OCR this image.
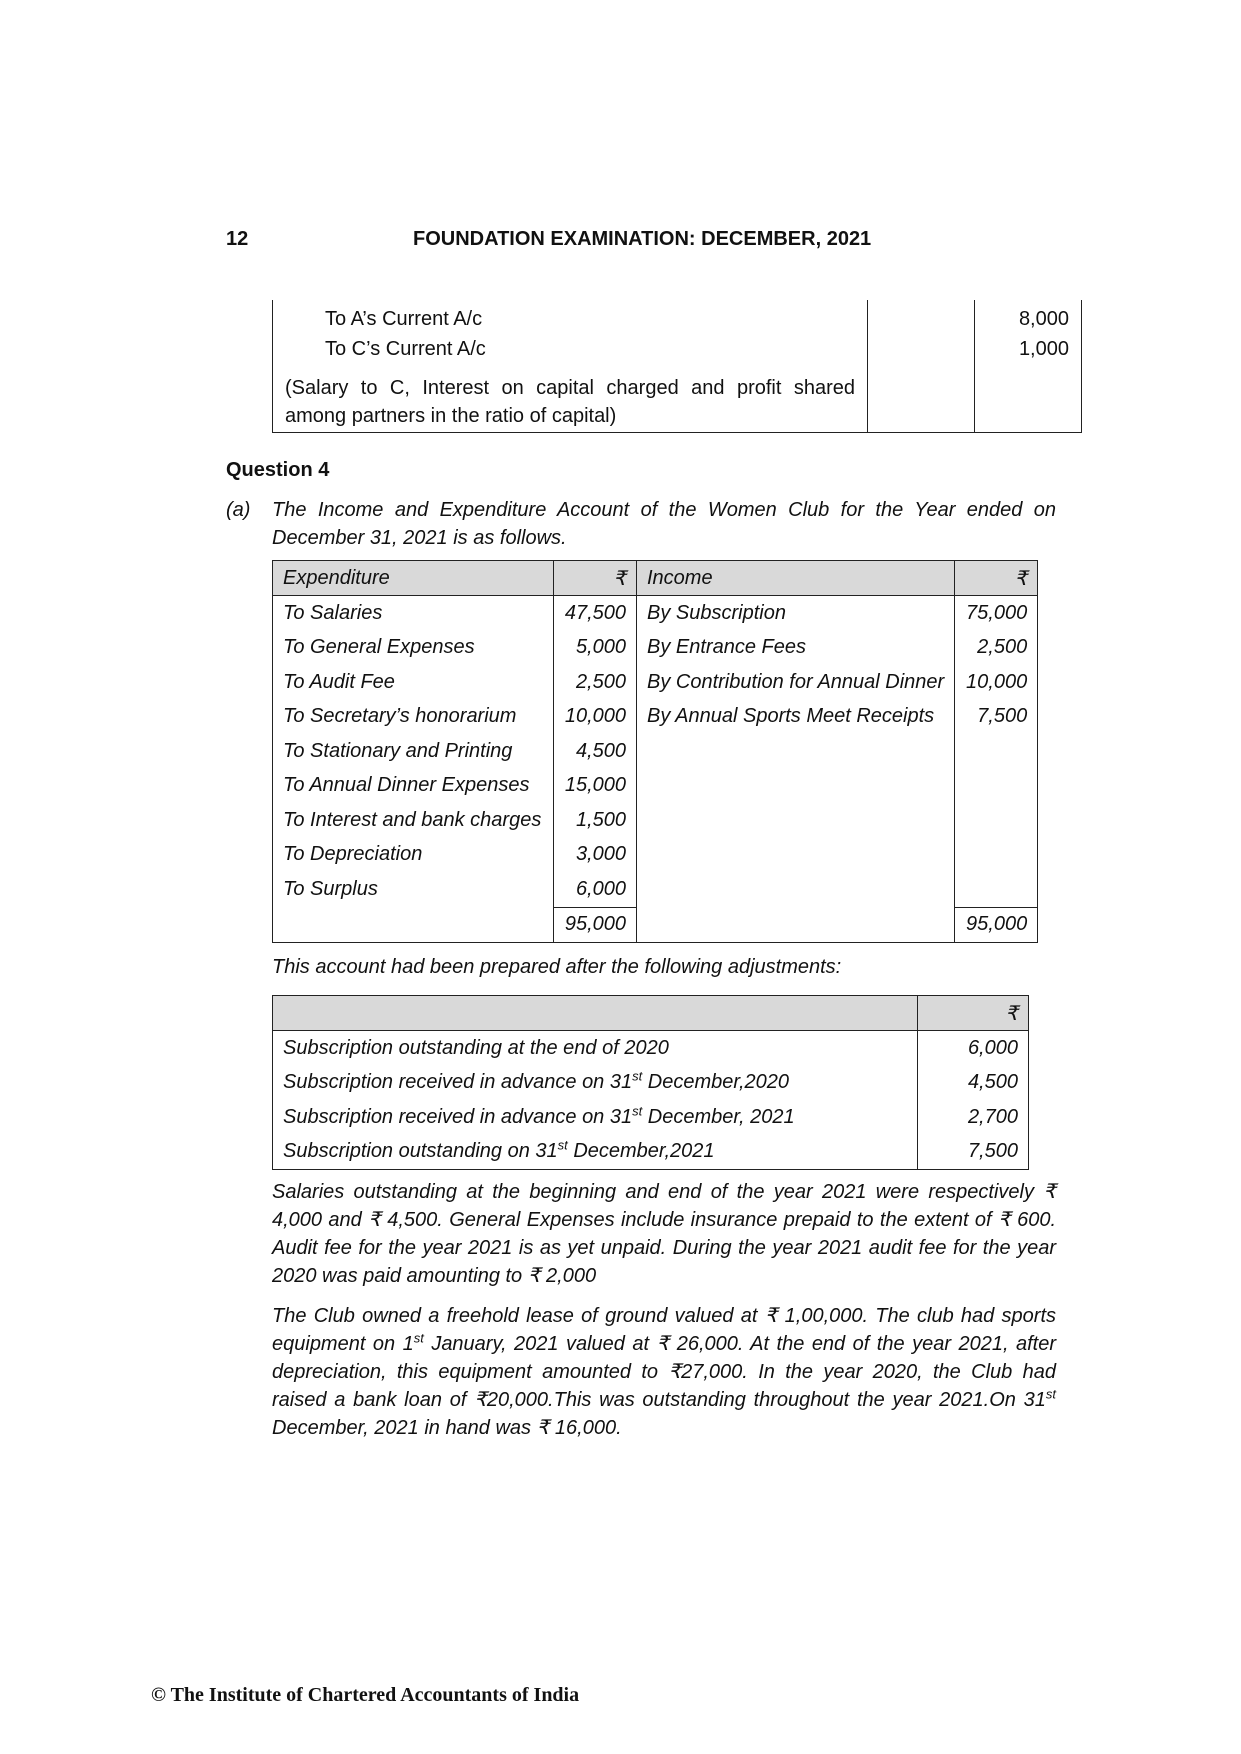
12	FOUNDATION EXAMINATION: DECEMBER, 2021
To A’s Current A/c		8,000
To C’s Current A/c		1,000
(Salary to C, Interest on capital charged and profit shared among partners in the ratio of capital)		
Question 4
(a) The Income and Expenditure Account of the Women Club for the Year ended on December 31, 2021 is as follows.
Expenditure	₹	Income	₹
To Salaries	47,500	By Subscription	75,000
To General Expenses	5,000	By Entrance Fees	2,500
To Audit Fee	2,500	By Contribution for Annual Dinner	10,000
To Secretary’s honorarium	10,000	By Annual Sports Meet Receipts	7,500
To Stationary and Printing	4,500		
To Annual Dinner Expenses	15,000		
To Interest and bank charges	1,500		
To Depreciation	3,000		
To Surplus	6,000		
	95,000		95,000
This account had been prepared after the following adjustments:
	₹
Subscription outstanding at the end of 2020	6,000
Subscription received in advance on 31st December,2020	4,500
Subscription received in advance on 31st December, 2021	2,700
Subscription outstanding on 31st December,2021	7,500
Salaries outstanding at the beginning and end of the year 2021 were respectively ₹ 4,000 and ₹ 4,500. General Expenses include insurance prepaid to the extent of ₹ 600. Audit fee for the year 2021 is as yet unpaid. During the year 2021 audit fee for the year 2020 was paid amounting to ₹ 2,000
The Club owned a freehold lease of ground valued at ₹ 1,00,000. The club had sports equipment on 1st January, 2021 valued at ₹ 26,000. At the end of the year 2021, after depreciation, this equipment amounted to ₹27,000. In the year 2020, the Club had raised a bank loan of ₹20,000.This was outstanding throughout the year 2021.On 31st December, 2021 in hand was ₹ 16,000.
© The Institute of Chartered Accountants of India
